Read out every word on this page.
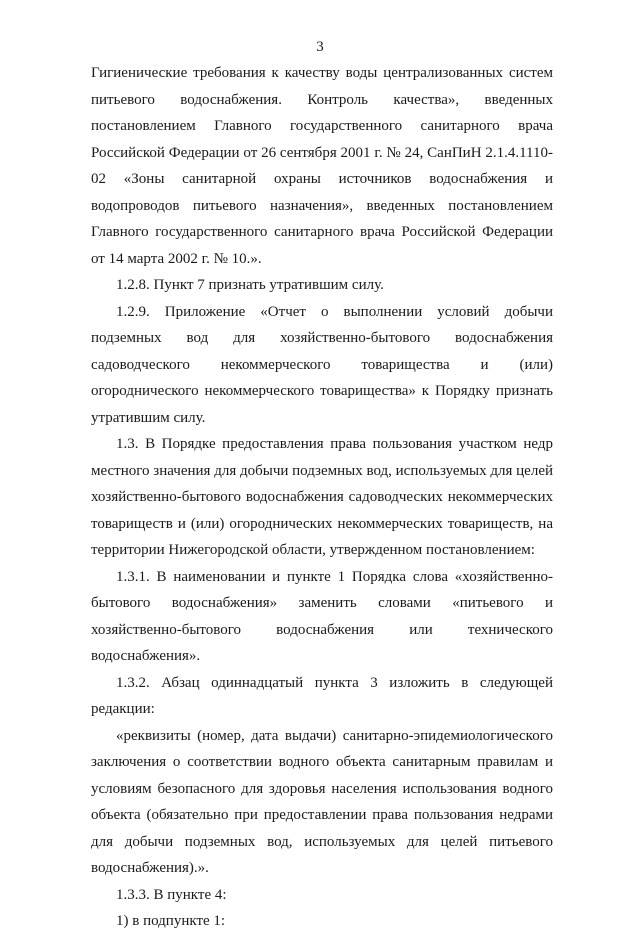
3

Гигиенические требования к качеству воды централизованных систем питьевого водоснабжения. Контроль качества», введенных постановлением Главного государственного санитарного врача Российской Федерации от 26 сентября 2001 г. № 24, СанПиН 2.1.4.1110-02 «Зоны санитарной охраны источников водоснабжения и водопроводов питьевого назначения», введенных постановлением Главного государственного санитарного врача Российской Федерации от 14 марта 2002 г. № 10.».

1.2.8. Пункт 7 признать утратившим силу.

1.2.9. Приложение «Отчет о выполнении условий добычи подземных вод для хозяйственно-бытового водоснабжения садоводческого некоммерческого товарищества и (или) огороднического некоммерческого товарищества» к Порядку признать утратившим силу.

1.3. В Порядке предоставления права пользования участком недр местного значения для добычи подземных вод, используемых для целей хозяйственно-бытового водоснабжения садоводческих некоммерческих товариществ и (или) огороднических некоммерческих товариществ, на территории Нижегородской области, утвержденном постановлением:

1.3.1. В наименовании и пункте 1 Порядка слова «хозяйственно-бытового водоснабжения» заменить словами «питьевого и хозяйственно-бытового водоснабжения или технического водоснабжения».

1.3.2. Абзац одиннадцатый пункта 3 изложить в следующей редакции:

«реквизиты (номер, дата выдачи) санитарно-эпидемиологического заключения о соответствии водного объекта санитарным правилам и условиям безопасного для здоровья населения использования водного объекта (обязательно при предоставлении права пользования недрами для добычи подземных вод, используемых для целей питьевого водоснабжения).».

1.3.3. В пункте 4:

1) в подпункте 1:
